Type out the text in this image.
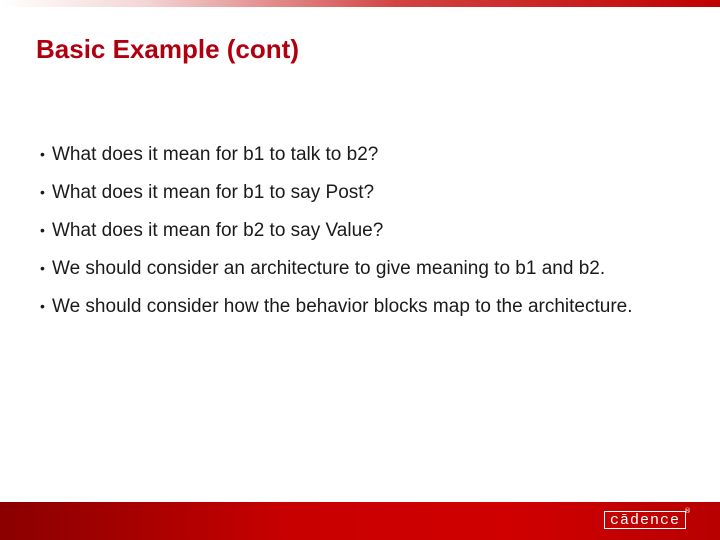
Basic Example (cont)
• What does it mean for b1 to talk to b2?
• What does it mean for b1 to say Post?
• What does it mean for b2 to say Value?
• We should consider an architecture to give meaning to b1 and b2.
• We should consider how the behavior blocks map to the architecture.
cādence
®
